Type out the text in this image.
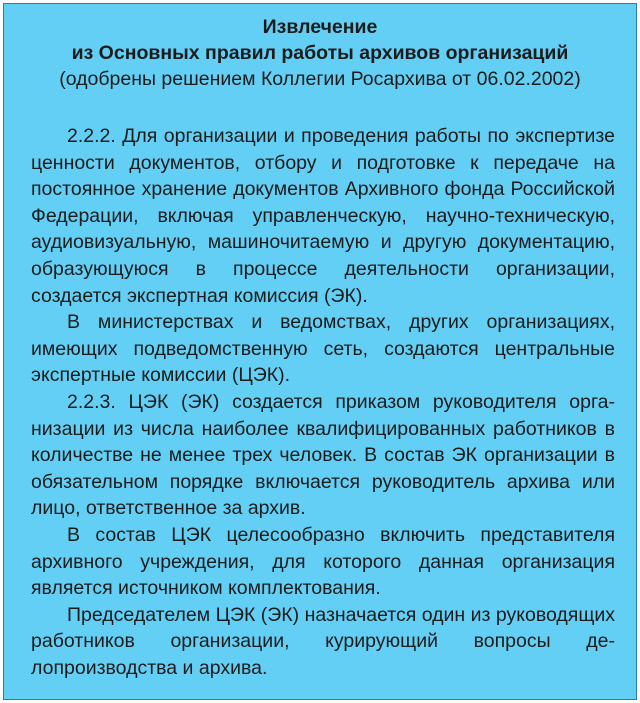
Извлечение
из Основных правил работы архивов организаций
(одобрены решением Коллегии Росархива от 06.02.2002)

2.2.2. Для организации и проведения работы по экспертизе ценности документов, отбору и подготовке к передаче на постоянное хранение документов Архивного фонда Российской Федерации, включая управленческую, научно-техническую, аудиовизуальную, машиночитаемую и другую документацию, образующуюся в процессе деятельности организации, создается экспертная комиссия (ЭК).

В министерствах и ведомствах, других организациях, имеющих подведомственную сеть, создаются центральные экспертные комиссии (ЦЭК).

2.2.3. ЦЭК (ЭК) создается приказом руководителя организации из числа наиболее квалифицированных работников в количестве не менее трех человек. В состав ЭК организации в обязательном порядке включается руководитель архива или лицо, ответственное за архив.

В состав ЦЭК целесообразно включить представителя архивного учреждения, для которого данная организация является источником комплектования.

Председателем ЦЭК (ЭК) назначается один из руководящих работников организации, курирующий вопросы делопроизводства и архива.
